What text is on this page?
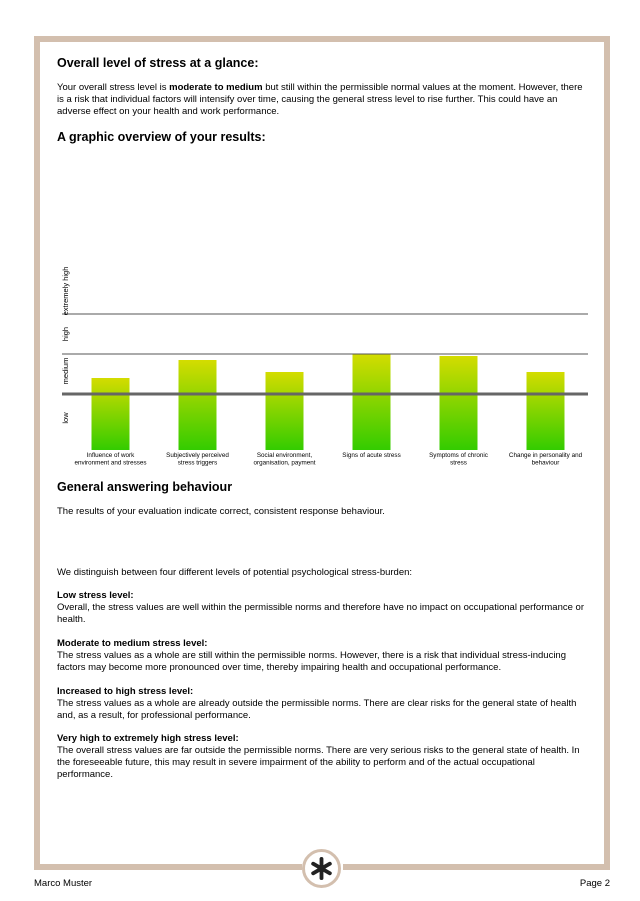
Overall level of stress at a glance:

Your overall stress level is moderate to medium but still within the permissible normal values at the moment. However, there is a risk that individual factors will intensify over time, causing the general stress level to rise further. This could have an adverse effect on your health and work performance.

A graphic overview of your results:
low
medium
high
extremely high
Influence of work
environment and stresses
Subjectively perceived
stress triggers
Social environment,
organisation, payment
Signs of acute stress	Symptoms of chronic
stress
Change in personality and
behaviour
General answering behaviour

The results of your evaluation indicate correct, consistent response behaviour.

We distinguish between four different levels of potential psychological stress-burden:

Low stress level:

Overall, the stress values are well within the permissible norms and therefore have no impact on occupational performance or health.

Moderate to medium stress level:

The stress values as a whole are still within the permissible norms. However, there is a risk that individual stress-inducing factors may become more pronounced over time, thereby impairing health and occupational performance.

Increased to high stress level:

The stress values as a whole are already outside the permissible norms. There are clear risks for the general state of health and, as a result, for professional performance.

Very high to extremely high stress level:

The overall stress values are far outside the permissible norms. There are very serious risks to the general state of health. In the foreseeable future, this may result in severe impairment of the ability to perform and of the actual occupational performance.

Marco Muster	Page 2
